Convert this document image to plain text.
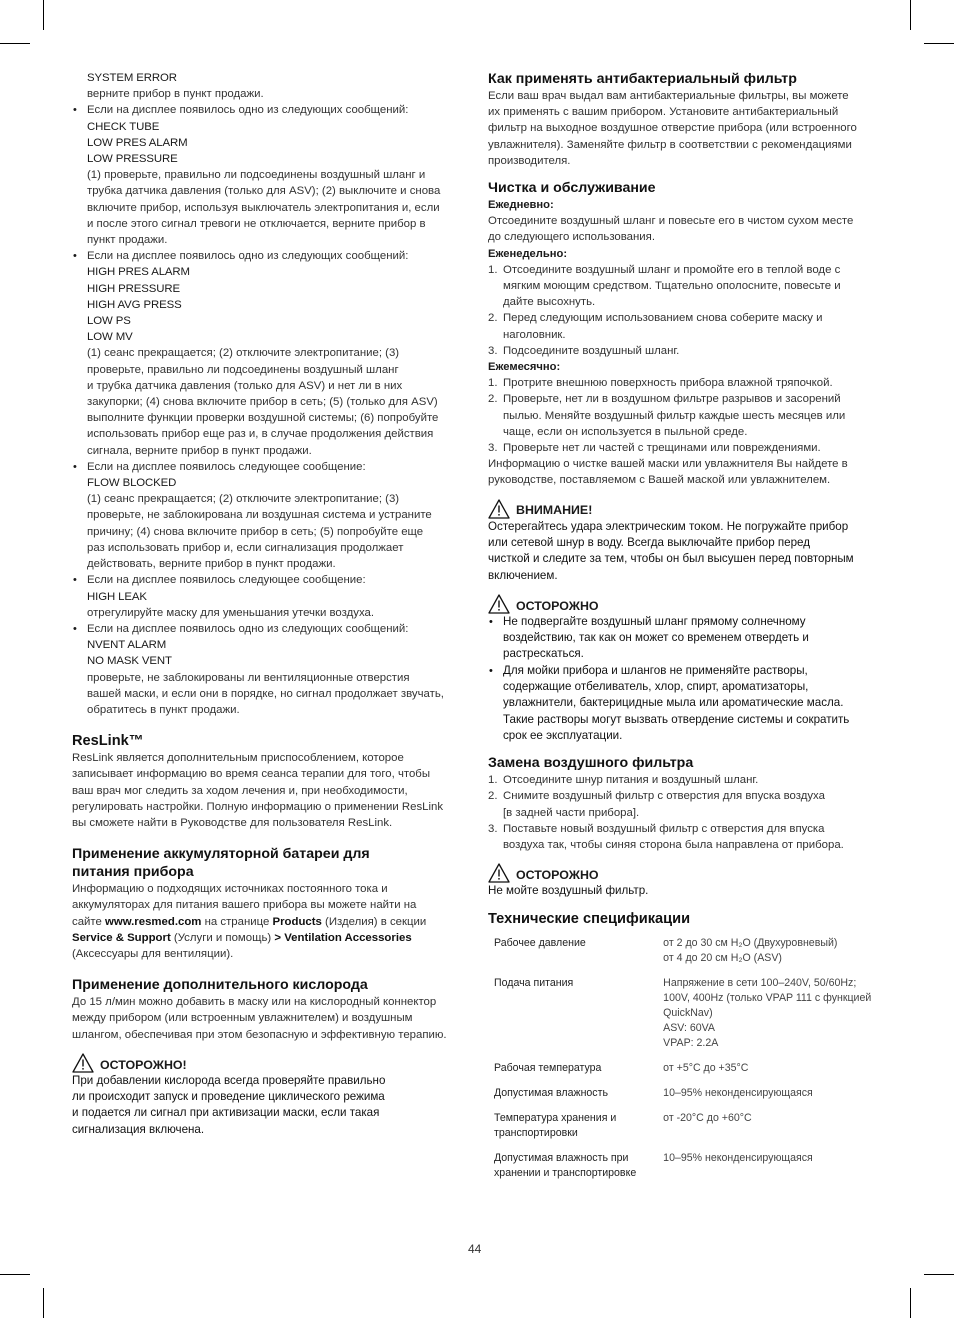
SYSTEM ERROR
верните прибор в пункт продажи.
• Если на дисплее появилось одно из следующих сообщений:
CHECK TUBE
LOW PRES ALARM
LOW PRESSURE
(1) проверьте, правильно ли подсоединены воздушный шланг и
трубка датчика давления (только для ASV); (2) выключите и снова
включите прибор, используя выключатель электропитания и, если
и после этого сигнал тревоги не отключается, верните прибор в
пункт продажи.
• Если на дисплее появилось одно из следующих сообщений:
HIGH PRES ALARM
HIGH PRESSURE
HIGH AVG PRESS
LOW PS
LOW MV
(1) сеанс прекращается; (2) отключите электропитание; (3)
проверьте, правильно ли подсоединены воздушный шланг
и трубка датчика давления (только для ASV) и нет ли в них
закупорки; (4) снова включите прибор в сеть; (5) (только для ASV)
выполните функции проверки воздушной системы; (6) попробуйте
использовать прибор еще раз и, в случае продолжения действия
сигнала, верните прибор в пункт продажи.
• Если на дисплее появилось следующее сообщение:
FLOW BLOCKED
(1) сеанс прекращается; (2) отключите электропитание; (3)
проверьте, не заблокирована ли воздушная система и устраните
причину; (4) снова включите прибор в сеть; (5) попробуйте еще
раз использовать прибор и, если сигнализация продолжает
действовать, верните прибор в пункт продажи.
• Если на дисплее появилось следующее сообщение:
HIGH LEAK
отрегулируйте маску для уменьшания утечки воздуха.
• Если на дисплее появилось одно из следующих сообщений:
NVENT ALARM
NO MASK VENT
проверьте, не заблокированы ли вентиляционные отверстия
вашей маски, и если они в порядке, но сигнал продолжает звучать,
обратитесь в пункт продажи.
ResLink™
ResLink является дополнительным приспособлением, которое
записывает информацию во время сеанса терапии для того, чтобы
ваш врач мог следить за ходом лечения и, при необходимости,
регулировать настройки. Полную информацию о применении ResLink
вы сможете найти в Руководстве для пользователя ResLink.
Применение аккумуляторной батареи для
питания прибора
Информацию о подходящих источниках постоянного тока и
аккумуляторах для питания вашего прибора вы можете найти на
сайте www.resmed.com на странице Products (Изделия) в секции
Service & Support (Услуги и помощь) > Ventilation Accessories
(Аксессуары для вентиляции).
Применение дополнительного кислорода
До 15 л/мин можно добавить в маску или на кислородный коннектор
между прибором (или встроенным увлажнителем) и воздушным
шлангом, обеспечивая при этом безопасную и эффективную терапию.
ОСТОРОЖНО!
При добавлении кислорода всегда проверяйте правильно
ли происходит запуск и проведение циклического режима
и подается ли сигнал при активизации маски, если такая
сигнализация включена.
Как применять антибактериальный фильтр
Если ваш врач выдал вам антибактериальные фильтры, вы можете
их применять с вашим прибором. Установите антибактериальный
фильтр на выходное воздушное отверстие прибора (или встроенного
увлажнителя). Заменяйте фильтр в соответствии с рекомендациями
производителя.
Чистка и обслуживание
Ежедневно:
Отсоедините воздушный шланг и повесьте его в чистом сухом месте
до следующего использования.
Еженедельно:
1. Отсоедините воздушный шланг и промойте его в теплой воде с
мягким моющим средством. Тщательно ополосните, повесьте и
дайте высохнуть.
2. Перед следующим использованием снова соберите маску и
наголовник.
3. Подсоедините воздушный шланг.
Ежемесячно:
1. Протрите внешнюю поверхность прибора влажной тряпочкой.
2. Проверьте, нет ли в воздушном фильтре разрывов и засорений
пылью. Меняйте воздушный фильтр каждые шесть месяцев или
чаще, если он используется в пыльной среде.
3. Проверьте нет ли частей с трещинами или повреждениями.
Информацию о чистке вашей маски или увлажнителя Вы найдете в
руководстве, поставляемом с Вашей маской или увлажнителем.
ВНИМАНИЕ!
Остерегайтесь удара электрическим током. Не погружайте прибор
или сетевой шнур в воду. Всегда выключайте прибор перед
чисткой и следите за тем, чтобы он был высушен перед повторным
включением.
ОСТОРОЖНО
• Не подвергайте воздушный шланг прямому солнечному
воздействию, так как он может со временем отвердеть и
растрескаться.
• Для мойки прибора и шлангов не применяйте растворы,
содержащие отбеливатель, хлор, спирт, ароматизаторы,
увлажнители, бактерицидные мыла или ароматические масла.
Такие растворы могут вызвать отвердение системы и сократить
срок ее эксплуатации.
Замена воздушного фильтра
1. Отсоедините шнур питания и воздушный шланг.
2. Снимите воздушный фильтр с отверстия для впуска воздуха
[в задней части прибора].
3. Поставьте новый воздушный фильтр с отверстия для впуска
воздуха так, чтобы синяя сторона была направлена от прибора.
ОСТОРОЖНО
Не мойте воздушный фильтр.
Технические спецификации
Рабочее давление	от 2 до 30 см H₂O (Двухуровневый)
от 4 до 20 см H₂O (ASV)

Подача питания	Напряжение в сети 100–240V, 50/60Hz;
100V, 400Hz (только VPAP 111 с функцией
QuickNav)
ASV: 60VA
VPAP: 2.2A

Рабочая температура	от +5°C до +35°C

Допустимая влажность	10–95% неконденсирующаяся

Температура хранения и
транспортировки	от -20°C до +60°C

Допустимая влажность при
хранении и транспортировке	10–95% неконденсирующаяся
44
